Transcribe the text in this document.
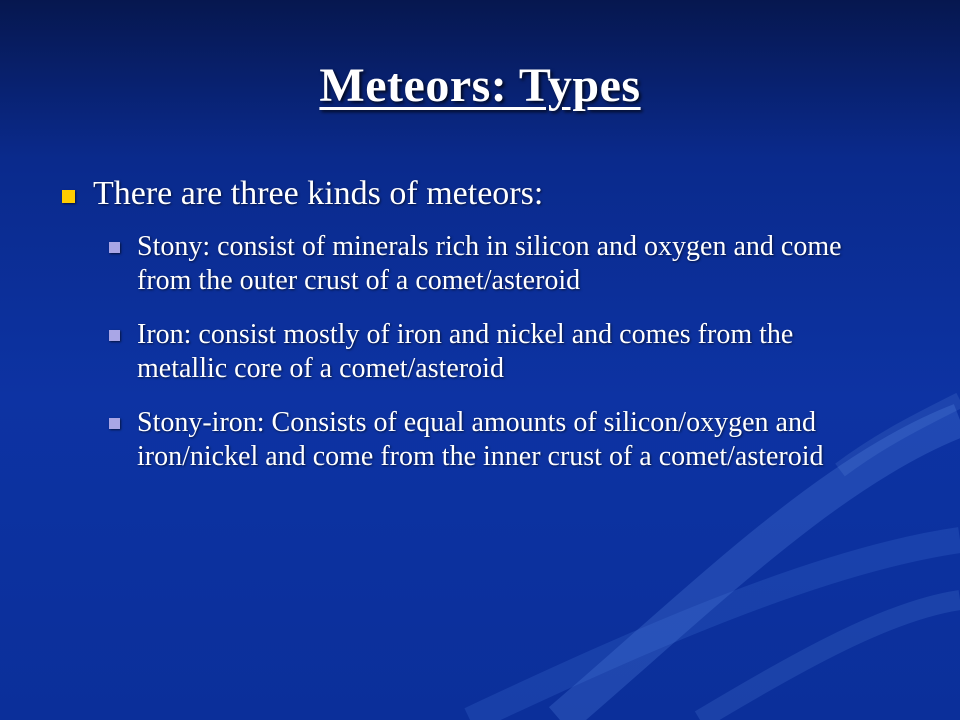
Meteors: Types
There are three kinds of meteors:
Stony: consist of minerals rich in silicon and oxygen and come from the outer crust of a comet/asteroid
Iron: consist mostly of iron and nickel and comes from the metallic core of a comet/asteroid
Stony-iron: Consists of equal amounts of silicon/oxygen and iron/nickel and come from the inner crust of a comet/asteroid
